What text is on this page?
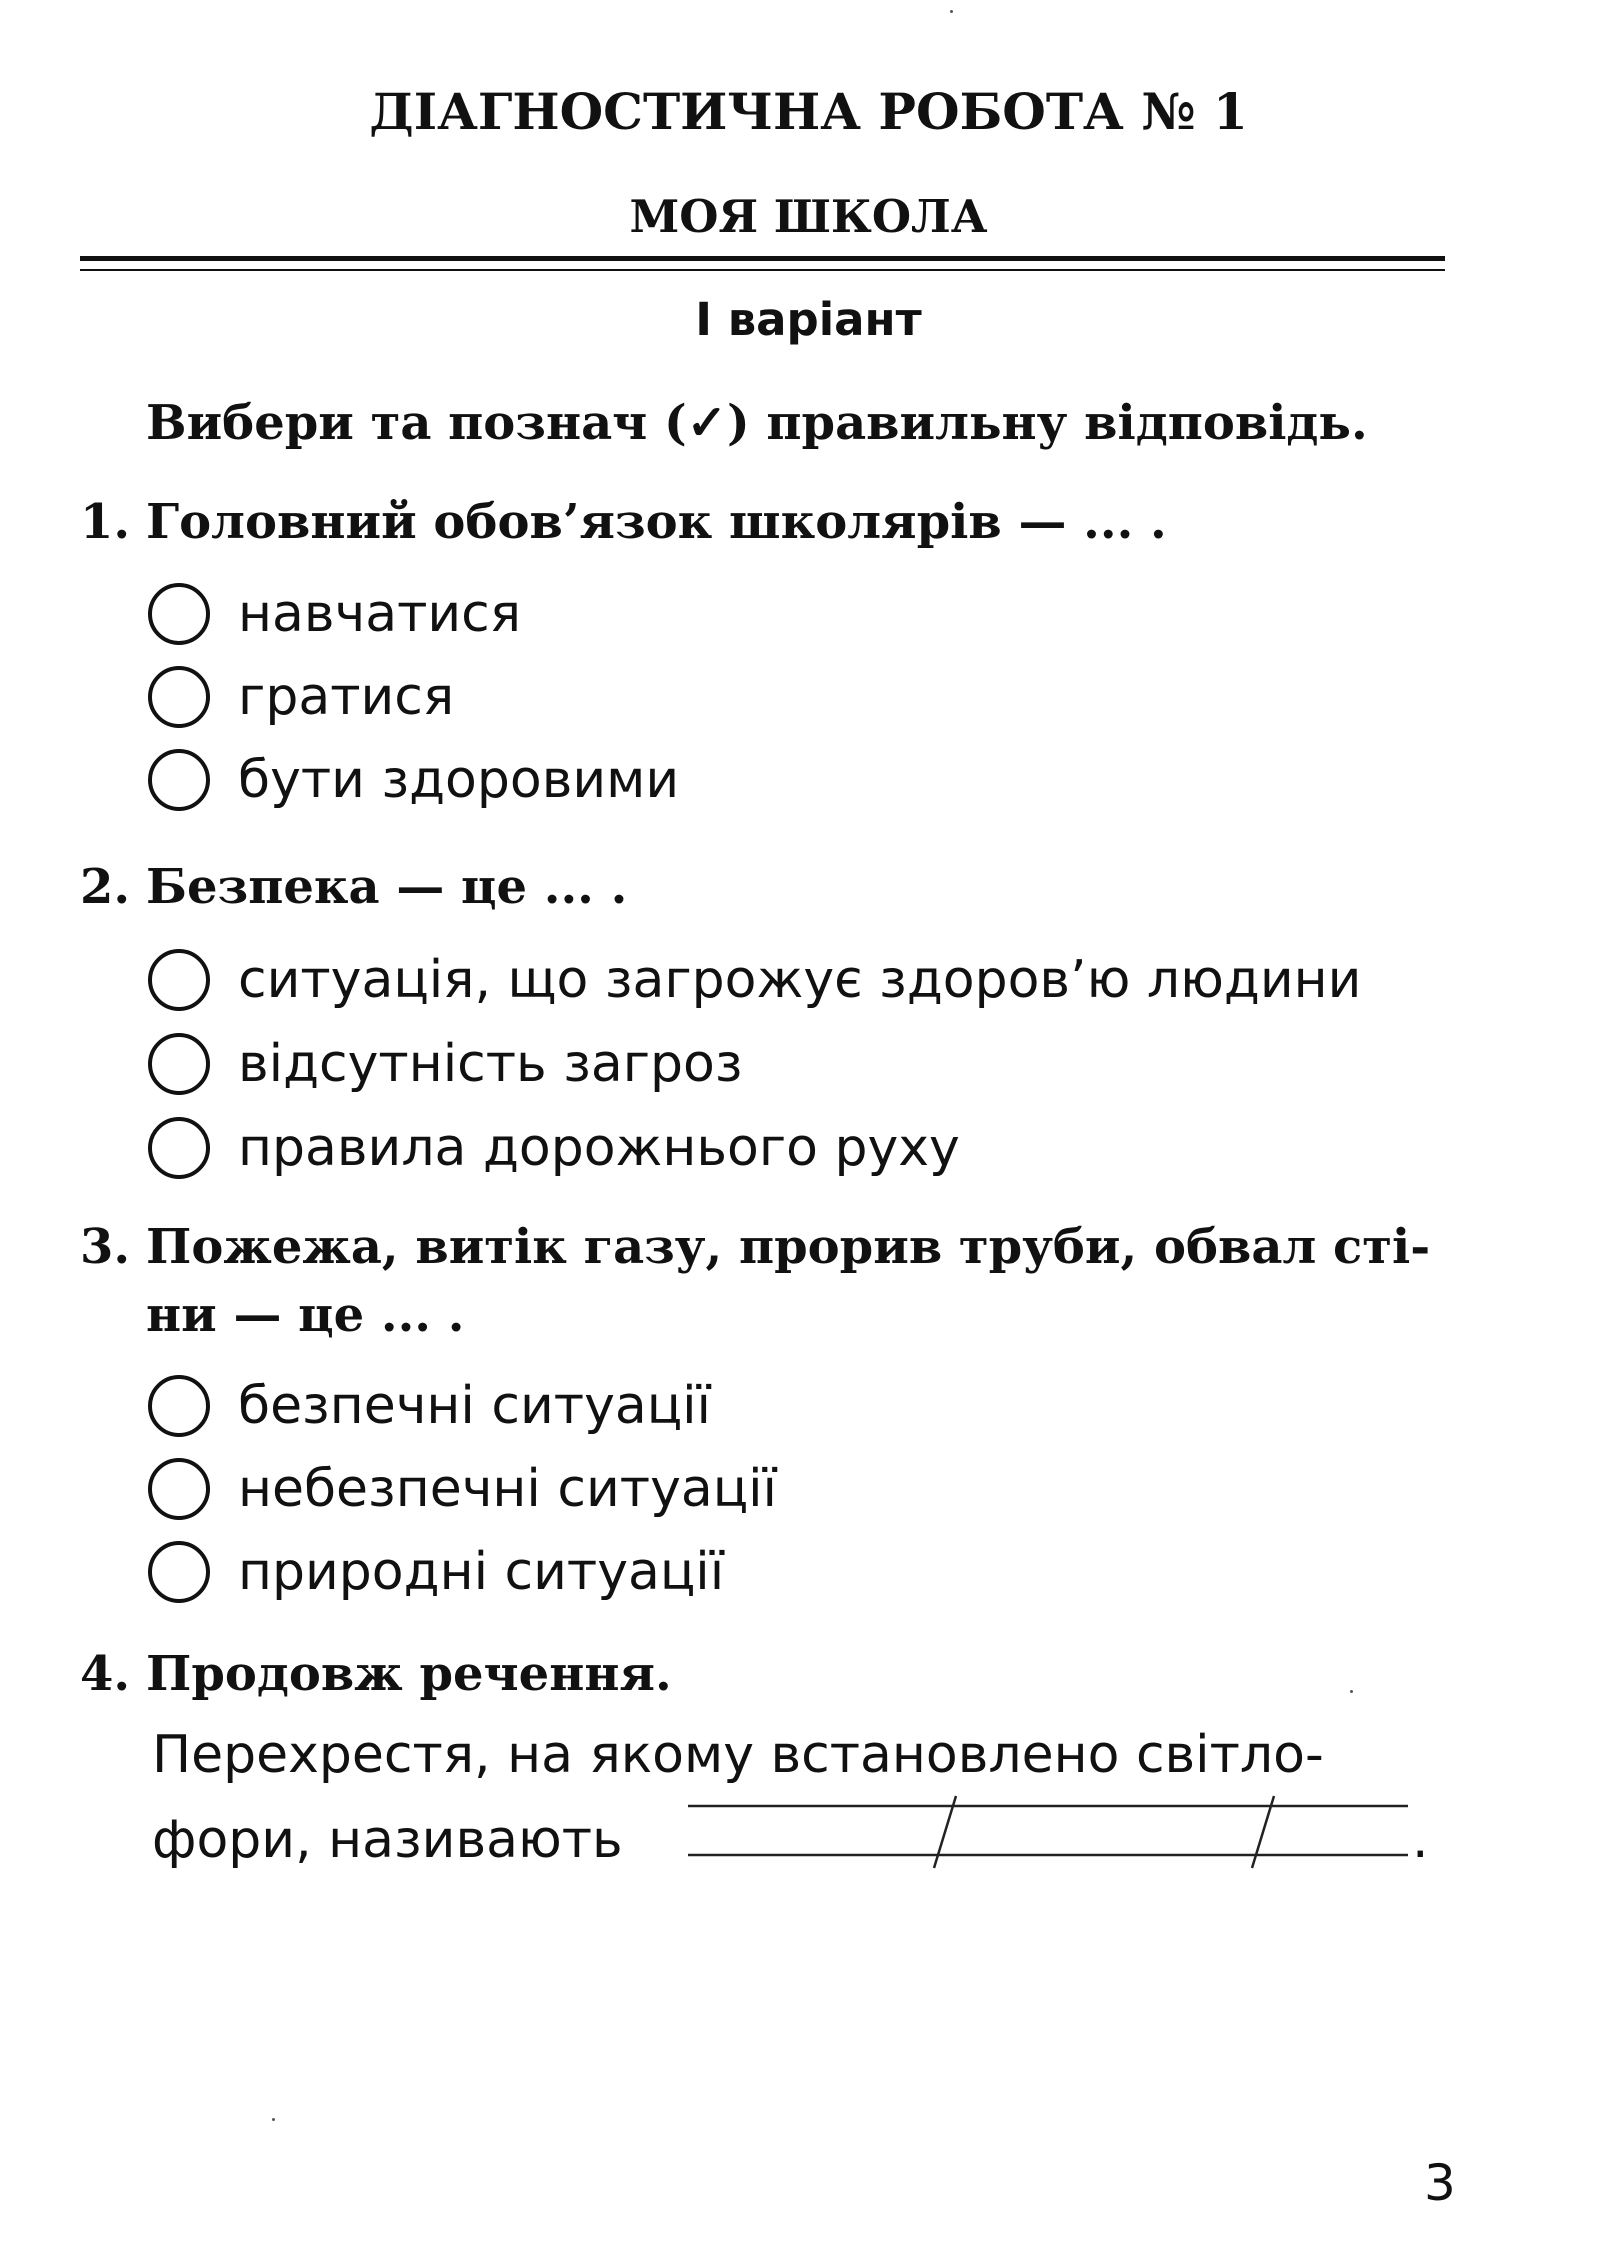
ДІАГНОСТИЧНА РОБОТА № 1
МОЯ ШКОЛА
І варіант
Вибери та познач (✓) правильну відповідь.
1. Головний обов’язок школярів — ... .
навчатися
гратися
бути здоровими
2. Безпека — це ... .
ситуація, що загрожує здоров’ю людини
відсутність загроз
правила дорожнього руху
3. Пожежа, витік газу, прорив труби, обвал сті-
ни — це ... .
безпечні ситуації
небезпечні ситуації
природні ситуації
4. Продовж речення.
Перехрестя, на якому встановлено світло-
фори, називають	.
3
